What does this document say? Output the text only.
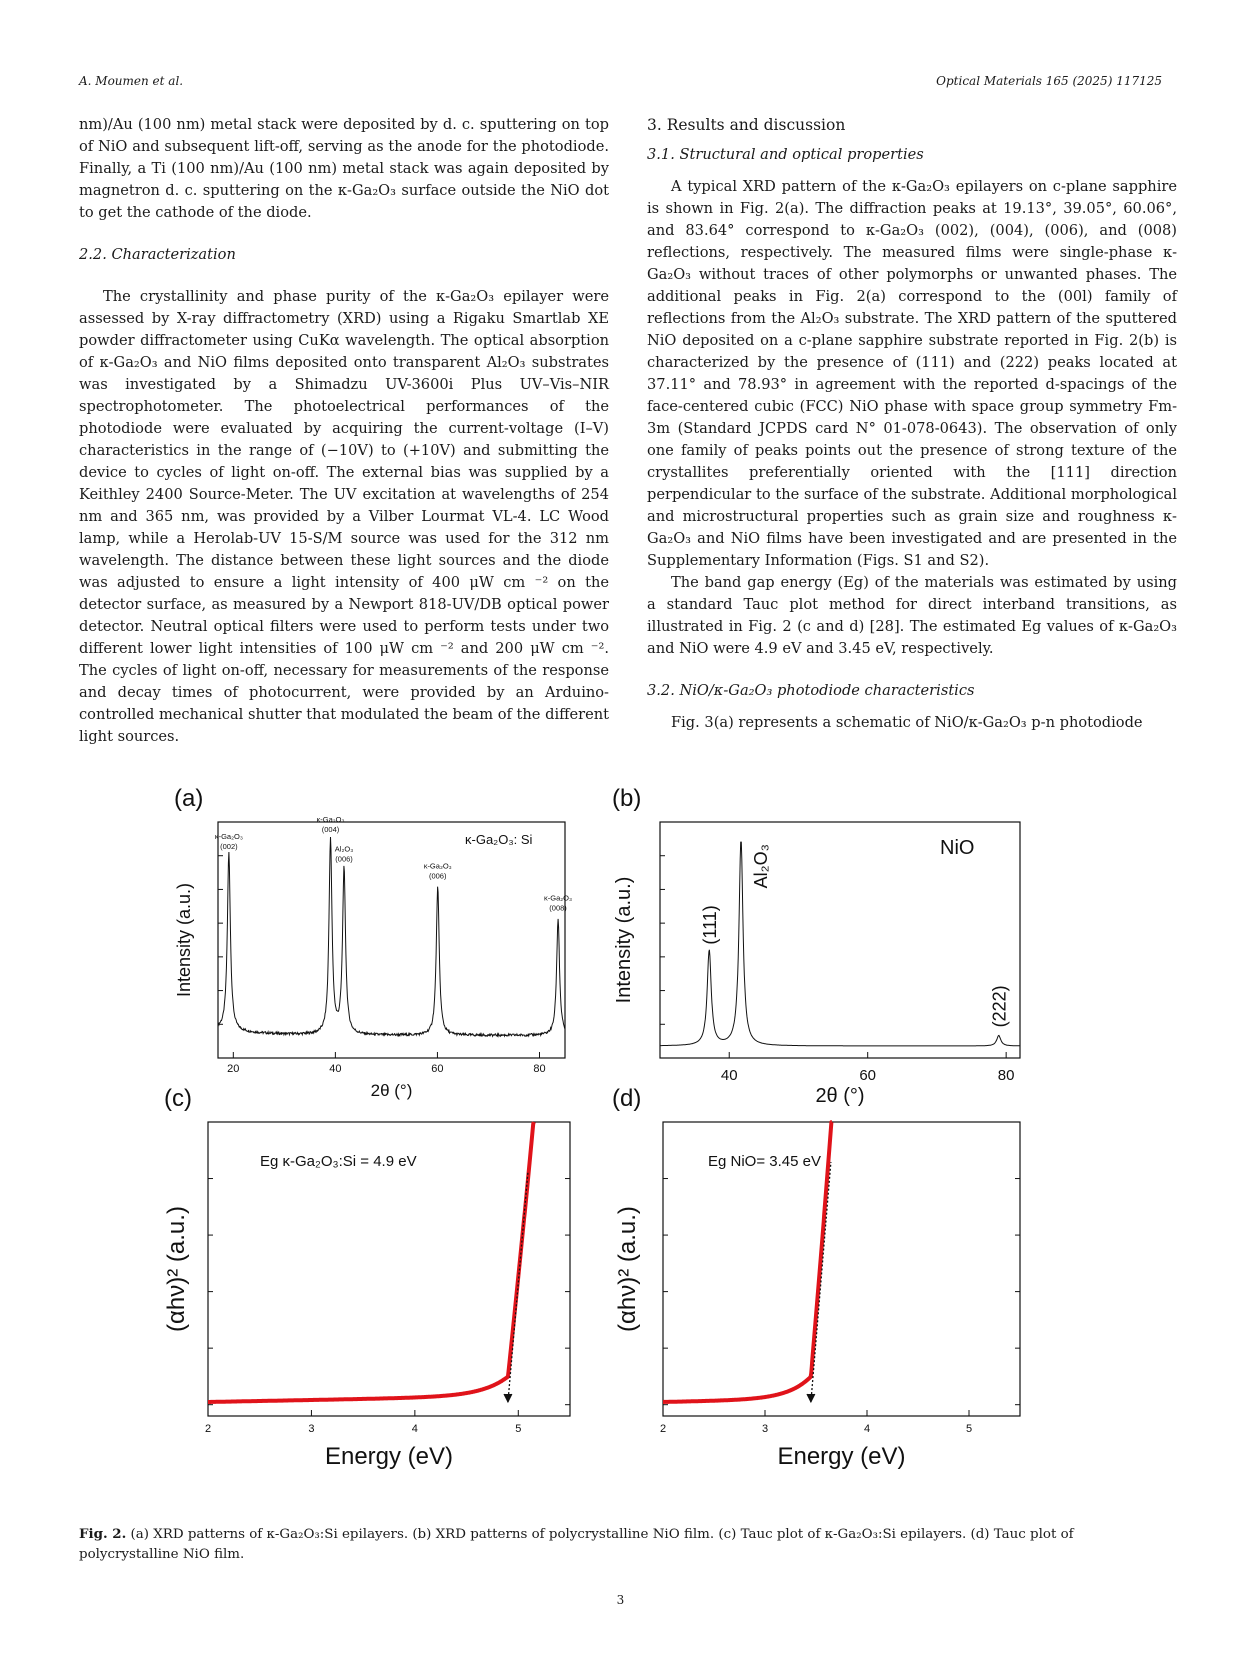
A. Moumen et al.	Optical Materials 165 (2025) 117125

nm)/Au (100 nm) metal stack were deposited by d. c. sputtering on top of NiO and subsequent lift-off, serving as the anode for the photodiode. Finally, a Ti (100 nm)/Au (100 nm) metal stack was again deposited by magnetron d. c. sputtering on the κ-Ga₂O₃ surface outside the NiO dot to get the cathode of the diode.

2.2. Characterization

The crystallinity and phase purity of the κ-Ga₂O₃ epilayer were assessed by X-ray diffractometry (XRD) using a Rigaku Smartlab XE powder diffractometer using CuKα wavelength. The optical absorption of κ-Ga₂O₃ and NiO films deposited onto transparent Al₂O₃ substrates was investigated by a Shimadzu UV-3600i Plus UV–Vis–NIR spectrophotometer. The photoelectrical performances of the photodiode were evaluated by acquiring the current-voltage (I–V) characteristics in the range of (−10V) to (+10V) and submitting the device to cycles of light on-off. The external bias was supplied by a Keithley 2400 Source-Meter. The UV excitation at wavelengths of 254 nm and 365 nm, was provided by a Vilber Lourmat VL-4. LC Wood lamp, while a Herolab-UV 15-S/M source was used for the 312 nm wavelength. The distance between these light sources and the diode was adjusted to ensure a light intensity of 400 μW cm ⁻² on the detector surface, as measured by a Newport 818-UV/DB optical power detector. Neutral optical filters were used to perform tests under two different lower light intensities of 100 μW cm ⁻² and 200 μW cm ⁻². The cycles of light on-off, necessary for measurements of the response and decay times of photocurrent, were provided by an Arduino-controlled mechanical shutter that modulated the beam of the different light sources.

3. Results and discussion

3.1. Structural and optical properties

A typical XRD pattern of the κ-Ga₂O₃ epilayers on c-plane sapphire is shown in Fig. 2(a). The diffraction peaks at 19.13°, 39.05°, 60.06°, and 83.64° correspond to κ-Ga₂O₃ (002), (004), (006), and (008) reflections, respectively. The measured films were single-phase κ-Ga₂O₃ without traces of other polymorphs or unwanted phases. The additional peaks in Fig. 2(a) correspond to the (00l) family of reflections from the Al₂O₃ substrate. The XRD pattern of the sputtered NiO deposited on a c-plane sapphire substrate reported in Fig. 2(b) is characterized by the presence of (111) and (222) peaks located at 37.11° and 78.93° in agreement with the reported d-spacings of the face-centered cubic (FCC) NiO phase with space group symmetry Fm-3m (Standard JCPDS card N° 01-078-0643). The observation of only one family of peaks points out the presence of strong texture of the crystallites preferentially oriented with the [111] direction perpendicular to the surface of the substrate. Additional morphological and microstructural properties such as grain size and roughness κ-Ga₂O₃ and NiO films have been investigated and are presented in the Supplementary Information (Figs. S1 and S2).

The band gap energy (Eg) of the materials was estimated by using a standard Tauc plot method for direct interband transitions, as illustrated in Fig. 2 (c and d) [28]. The estimated Eg values of κ-Ga₂O₃ and NiO were 4.9 eV and 3.45 eV, respectively.

3.2. NiO/κ-Ga₂O₃ photodiode characteristics

Fig. 3(a) represents a schematic of NiO/κ-Ga₂O₃ p-n photodiode

(a)	(b)
(c)	(d)
20	40	60	80
κ-Ga₂O₃
(002)
κ-Ga₂O₃
(004)
Al₂O₃
(006)
κ-Ga₂O₃
(006)
κ-Ga₂O₃
(008)
κ-Ga₂O₃: Si
2θ (°)
Intensity (a.u.)
40	60	80
(111)
Al₂O₃
(222)
NiO
2θ (°)
Intensity (a.u.)
2	3	4	5
Energy (eV)
Eg κ-Ga₂O₃:Si = 4.9 eV
(αhν)² (a.u.)
2	3	4	5
Energy (eV)
Eg NiO= 3.45 eV
(αhν)² (a.u.)
Fig. 2. (a) XRD patterns of κ-Ga₂O₃:Si epilayers. (b) XRD patterns of polycrystalline NiO film. (c) Tauc plot of κ-Ga₂O₃:Si epilayers. (d) Tauc plot of polycrystalline NiO film.
3
